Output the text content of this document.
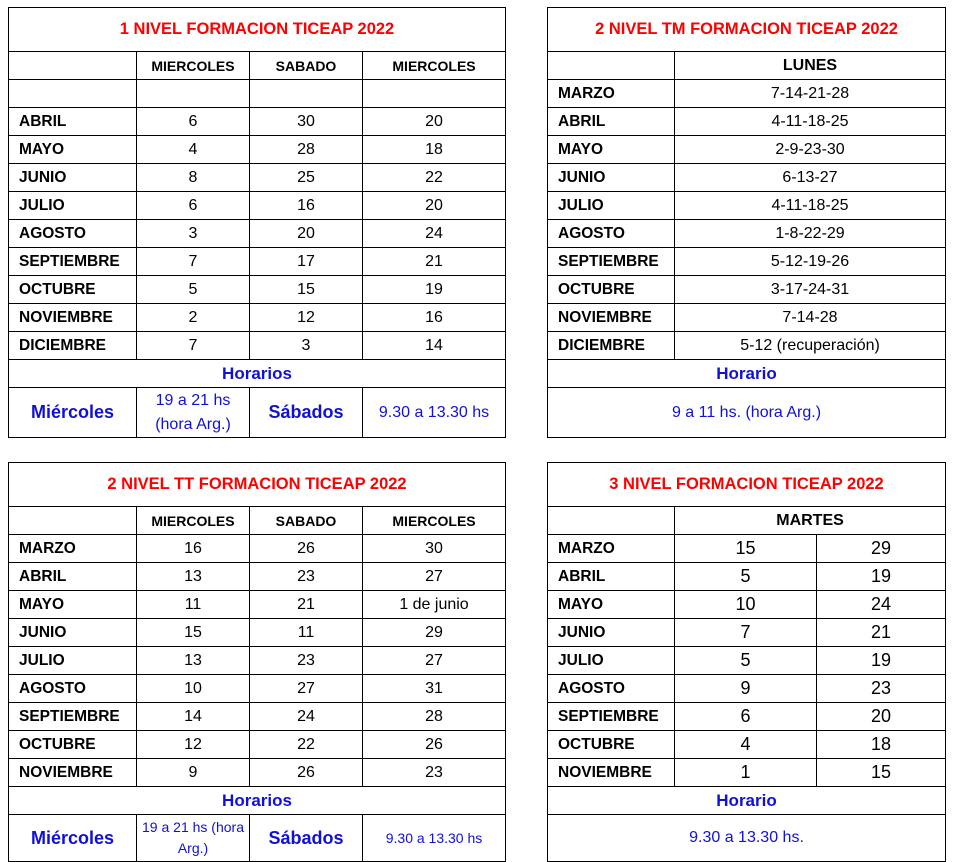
1 NIVEL FORMACION TICEAP 2022			
	MIERCOLES	SABADO	MIERCOLES

ABRIL	6	30	20
MAYO	4	28	18
JUNIO	8	25	22
JULIO	6	16	20
AGOSTO	3	20	24
SEPTIEMBRE	7	17	21
OCTUBRE	5	15	19
NOVIEMBRE	2	12	16
DICIEMBRE	7	3	14
Horarios			
Miércoles	19 a 21 hs (hora Arg.)	Sábados	9.30 a 13.30 hs
2 NIVEL TM FORMACION TICEAP 2022	
	LUNES
MARZO	7-14-21-28
ABRIL	4-11-18-25
MAYO	2-9-23-30
JUNIO	6-13-27
JULIO	4-11-18-25
AGOSTO	1-8-22-29
SEPTIEMBRE	5-12-19-26
OCTUBRE	3-17-24-31
NOVIEMBRE	7-14-28
DICIEMBRE	5-12 (recuperación)
Horario	
9 a 11 hs. (hora Arg.)	
2 NIVEL TT FORMACION TICEAP 2022			
	MIERCOLES	SABADO	MIERCOLES
MARZO	16	26	30
ABRIL	13	23	27
MAYO	11	21	1 de junio
JUNIO	15	11	29
JULIO	13	23	27
AGOSTO	10	27	31
SEPTIEMBRE	14	24	28
OCTUBRE	12	22	26
NOVIEMBRE	9	26	23
Horarios			
Miércoles	19 a 21 hs (hora Arg.)	Sábados	9.30 a 13.30 hs
3 NIVEL FORMACION TICEAP 2022		
	MARTES	
MARZO	15	29
ABRIL	5	19
MAYO	10	24
JUNIO	7	21
JULIO	5	19
AGOSTO	9	23
SEPTIEMBRE	6	20
OCTUBRE	4	18
NOVIEMBRE	1	15
Horario		
9.30 a 13.30 hs.		
